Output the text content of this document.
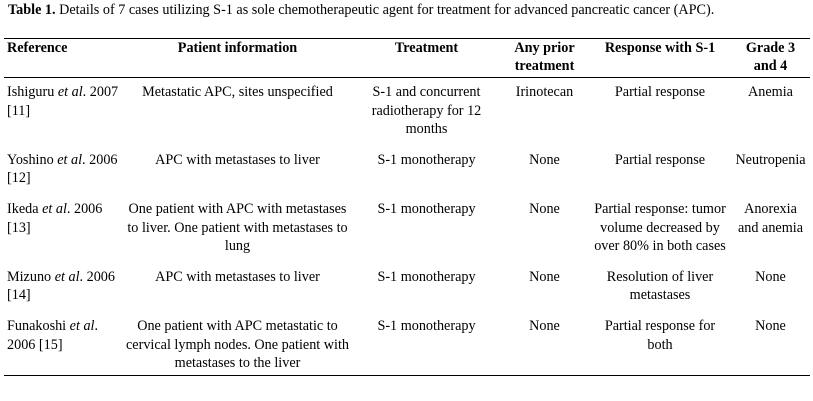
Table 1. Details of 7 cases utilizing S-1 as sole chemotherapeutic agent for treatment for advanced pancreatic cancer (APC).
Reference	Patient information	Treatment	Any prior treatment	Response with S-1	Grade 3 and 4
Ishiguru et al. 2007 [11]	Metastatic APC, sites unspecified	S-1 and concurrent radiotherapy for 12 months	Irinotecan	Partial response	Anemia
Yoshino et al. 2006 [12]	APC with metastases to liver	S-1 monotherapy	None	Partial response	Neutropenia
Ikeda et al. 2006 [13]	One patient with APC with metastases to liver. One patient with metastases to lung	S-1 monotherapy	None	Partial response: tumor volume decreased by over 80% in both cases	Anorexia and anemia
Mizuno et al. 2006 [14]	APC with metastases to liver	S-1 monotherapy	None	Resolution of liver metastases	None
Funakoshi et al. 2006 [15]	One patient with APC metastatic to cervical lymph nodes. One patient with metastases to the liver	S-1 monotherapy	None	Partial response for both	None
